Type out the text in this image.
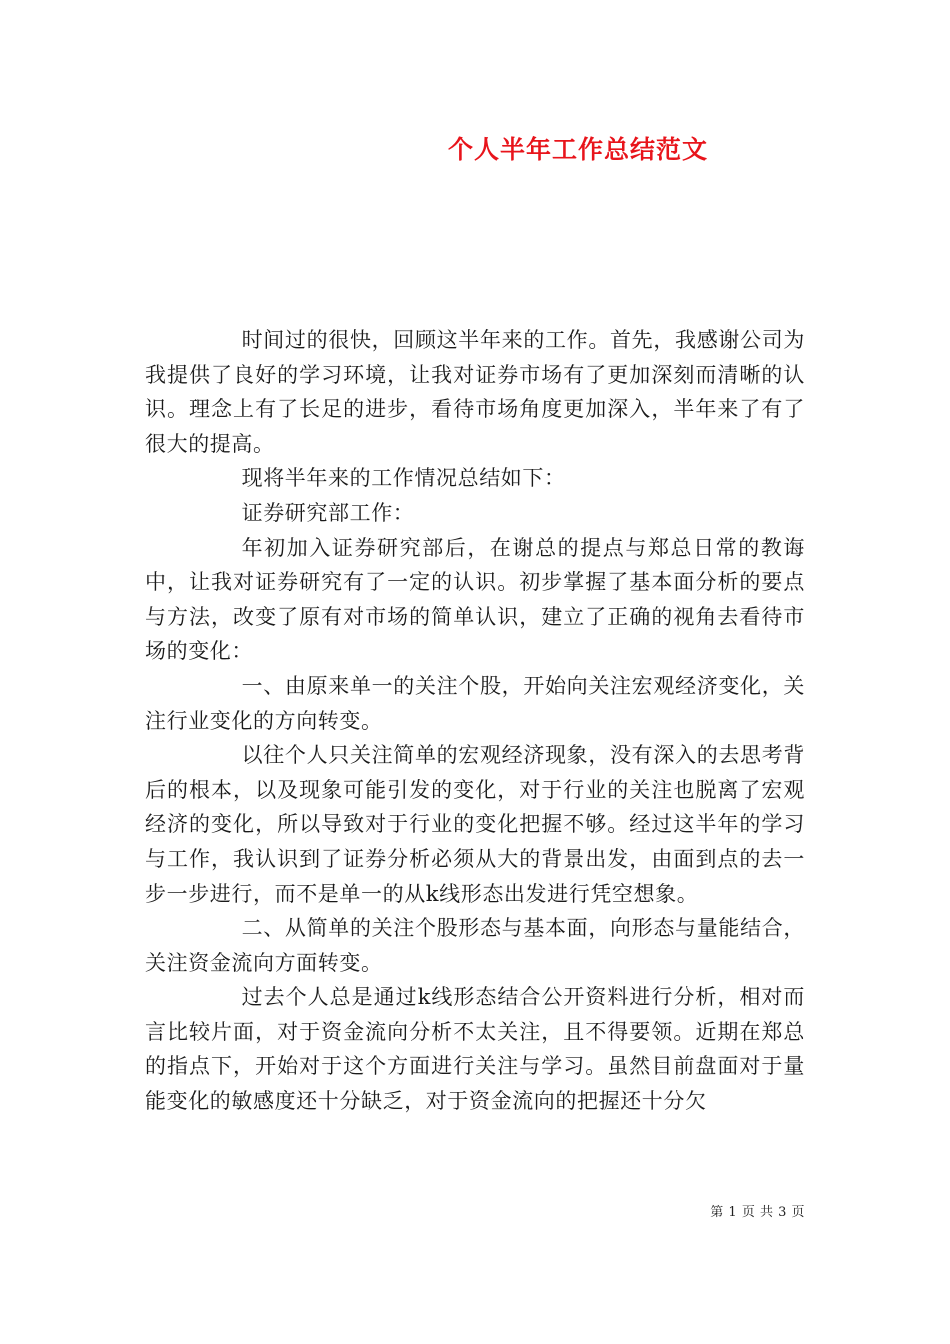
个人半年工作总结范文

时间过的很快，回顾这半年来的工作。首先，我感谢公司为我提供了良好的学习环境，让我对证券市场有了更加深刻而清晰的认识。理念上有了长足的进步，看待市场角度更加深入，半年来了有了很大的提高。

现将半年来的工作情况总结如下：

证券研究部工作：

年初加入证券研究部后，在谢总的提点与郑总日常的教诲中，让我对证券研究有了一定的认识。初步掌握了基本面分析的要点与方法，改变了原有对市场的简单认识，建立了正确的视角去看待市场的变化：

一、由原来单一的关注个股，开始向关注宏观经济变化，关注行业变化的方向转变。

以往个人只关注简单的宏观经济现象，没有深入的去思考背后的根本，以及现象可能引发的变化，对于行业的关注也脱离了宏观经济的变化，所以导致对于行业的变化把握不够。经过这半年的学习与工作，我认识到了证券分析必须从大的背景出发，由面到点的去一步一步进行，而不是单一的从k线形态出发进行凭空想象。

二、从简单的关注个股形态与基本面，向形态与量能结合，关注资金流向方面转变。

过去个人总是通过k线形态结合公开资料进行分析，相对而言比较片面，对于资金流向分析不太关注，且不得要领。近期在郑总的指点下，开始对于这个方面进行关注与学习。虽然目前盘面对于量能变化的敏感度还十分缺乏，对于资金流向的把握还十分欠

第 1 页 共 3 页
